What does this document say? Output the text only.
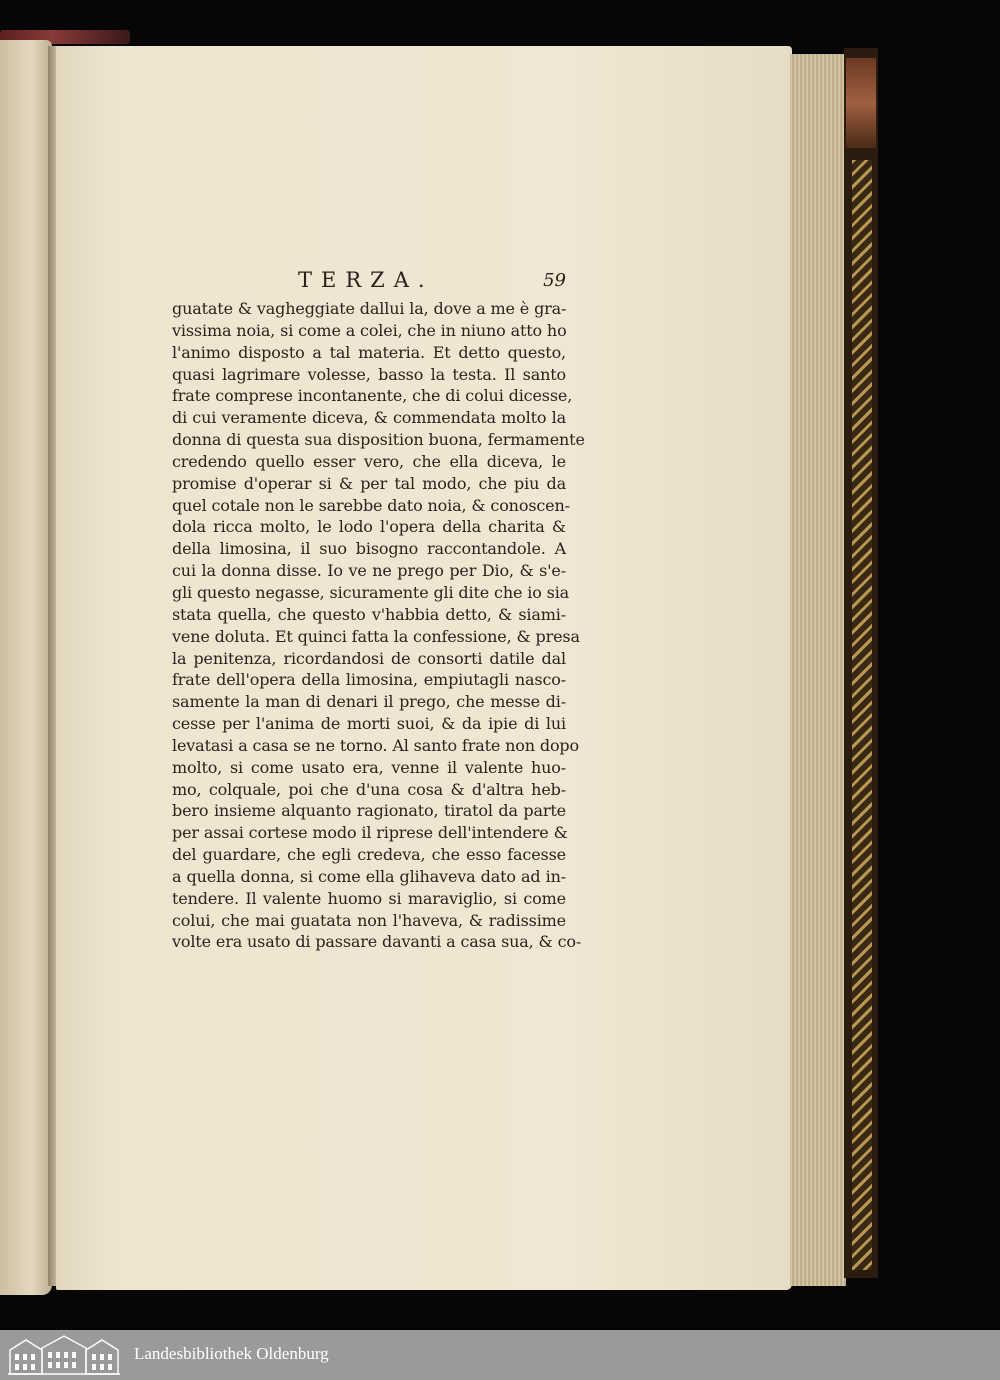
TERZA.	59
guatate & vagheggiate dallui la, dove a me è gra-
vissima noia, si come a colei, che in niuno atto ho
l'animo disposto a tal materia. Et detto questo,
quasi lagrimare volesse, basso la testa. Il santo
frate comprese incontanente, che di colui dicesse,
di cui veramente diceva, & commendata molto la
donna di questa sua disposition buona, fermamente
credendo quello esser vero, che ella diceva, le
promise d'operar si & per tal modo, che piu da
quel cotale non le sarebbe dato noia, & conoscen-
dola ricca molto, le lodo l'opera della charita &
della limosina, il suo bisogno raccontandole. A
cui la donna disse. Io ve ne prego per Dio, & s'e-
gli questo negasse, sicuramente gli dite che io sia
stata quella, che questo v'habbia detto, & siami-
vene doluta. Et quinci fatta la confessione, & presa
la penitenza, ricordandosi de consorti datile dal
frate dell'opera della limosina, empiutagli nasco-
samente la man di denari il prego, che messe di-
cesse per l'anima de morti suoi, & da ipie di lui
levatasi a casa se ne torno. Al santo frate non dopo
molto, si come usato era, venne il valente huo-
mo, colquale, poi che d'una cosa & d'altra heb-
bero insieme alquanto ragionato, tiratol da parte
per assai cortese modo il riprese dell'intendere &
del guardare, che egli credeva, che esso facesse
a quella donna, si come ella glihaveva dato ad in-
tendere. Il valente huomo si maraviglio, si come
colui, che mai guatata non l'haveva, & radissime
volte era usato di passare davanti a casa sua, & co-
Landesbibliothek Oldenburg
